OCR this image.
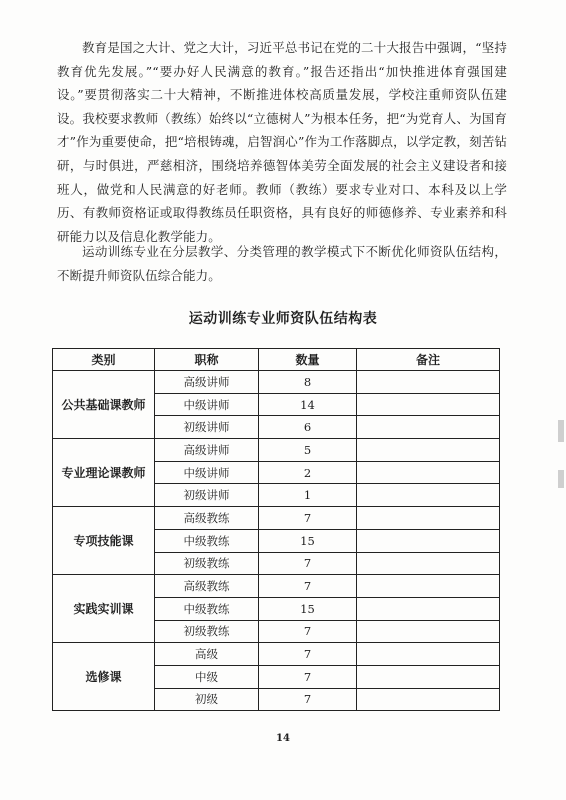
教育是国之大计、党之大计，习近平总书记在党的二十大报告中强调，“坚持教育优先发展。”“要办好人民满意的教育。”报告还指出“加快推进体育强国建设。”要贯彻落实二十大精神，不断推进体校高质量发展，学校注重师资队伍建设。我校要求教师（教练）始终以“立德树人”为根本任务，把“为党育人、为国育才”作为重要使命，把“培根铸魂，启智润心”作为工作落脚点，以学定教，刻苦钻研，与时俱进，严慈相济，围绕培养德智体美劳全面发展的社会主义建设者和接班人，做党和人民满意的好老师。教师（教练）要求专业对口、本科及以上学历、有教师资格证或取得教练员任职资格，具有良好的师德修养、专业素养和科研能力以及信息化教学能力。

运动训练专业在分层教学、分类管理的教学模式下不断优化师资队伍结构，不断提升师资队伍综合能力。

运动训练专业师资队伍结构表
类别	职称	数量	备注
公共基础课教师	高级讲师	8	
	中级讲师	14	
	初级讲师	6	
专业理论课教师	高级讲师	5	
	中级讲师	2	
	初级讲师	1	
专项技能课	高级教练	7	
	中级教练	15	
	初级教练	7	
实践实训课	高级教练	7	
	中级教练	15	
	初级教练	7	
选修课	高级	7	
	中级	7	
	初级	7	
14
